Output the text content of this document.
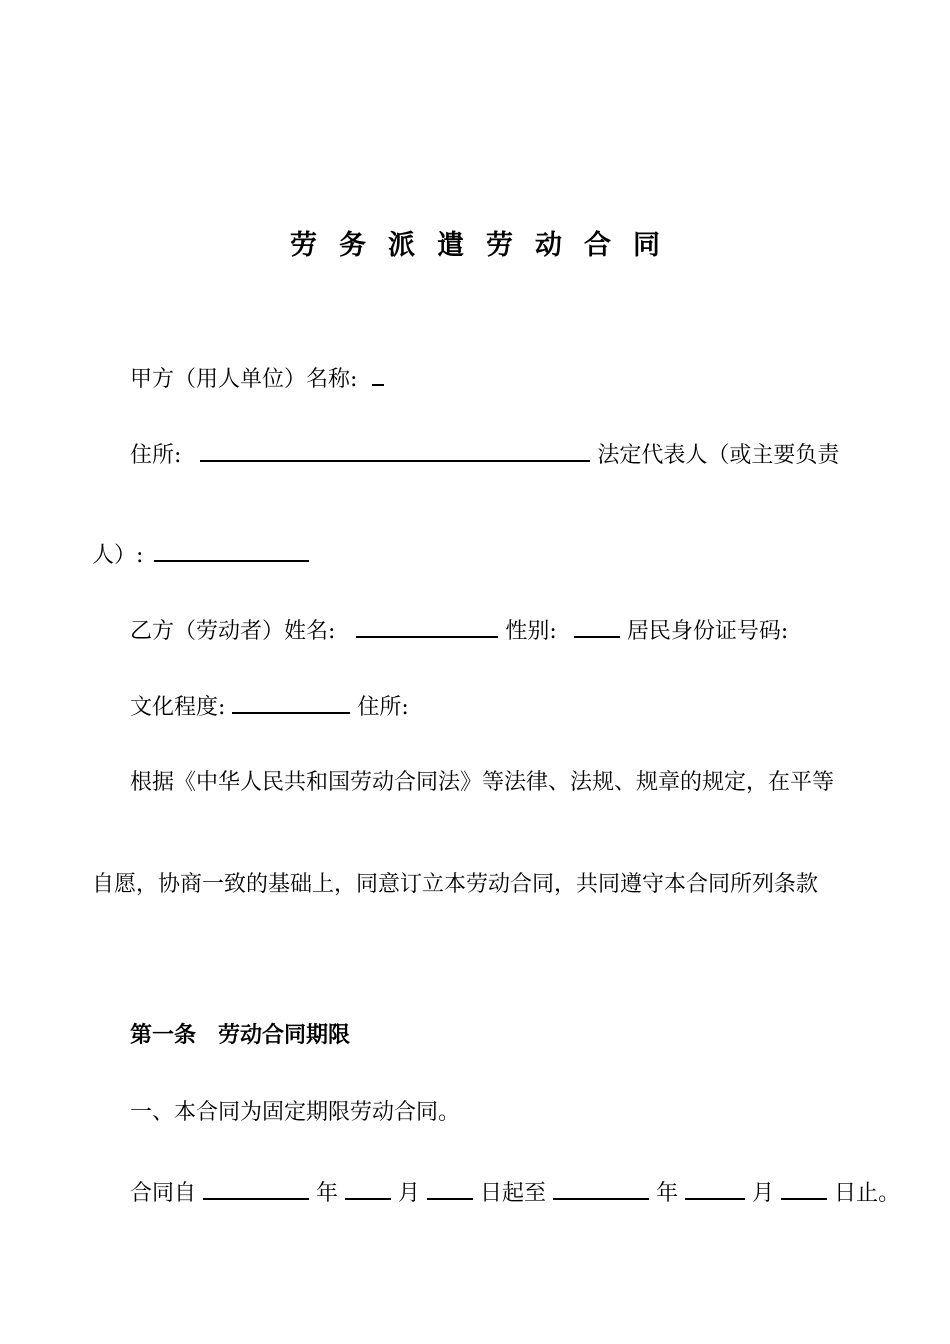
劳务派遣劳动合同
甲方（用人单位）名称:
住所:	法定代表人（或主要负责
人）:
乙方（劳动者）姓名:	性别:	居民身份证号码:
文化程度:	住所:
根据《中华人民共和国劳动合同法》等法律、法规、规章的规定，在平等
自愿，协商一致的基础上，同意订立本劳动合同，共同遵守本合同所列条款
第一条　劳动合同期限
一、本合同为固定期限劳动合同。
合同自	年	月	日起至	年	月	日止。
